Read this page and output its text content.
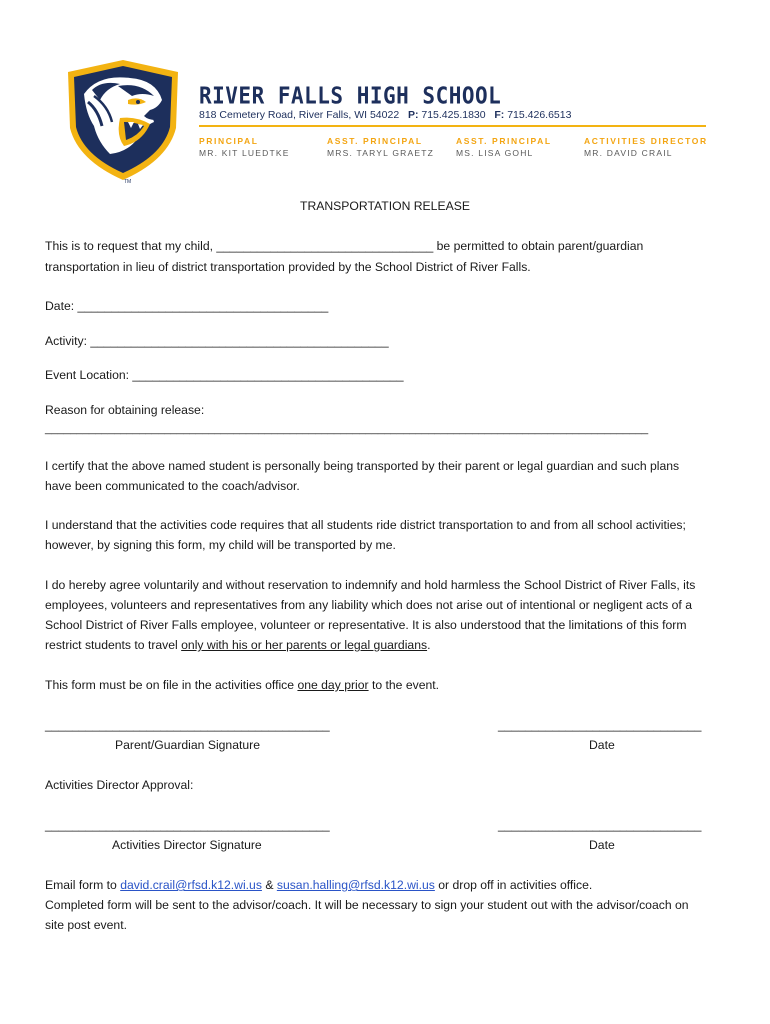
TM
RIVER FALLS HIGH SCHOOL
818 Cemetery Road, River Falls, WI 54022 P: 715.425.1830 F: 715.426.6513
PRINCIPAL
MR. KIT LUEDTKE
ASST. PRINCIPAL
MRS. TARYL GRAETZ
ASST. PRINCIPAL
MS. LISA GOHL
ACTIVITIES DIRECTOR
MR. DAVID CRAIL
TRANSPORTATION RELEASE
This is to request that my child, ________________________________ be permitted to obtain parent/guardian
transportation in lieu of district transportation provided by the School District of River Falls.
Date: _____________________________________
Activity: ____________________________________________
Event Location: ________________________________________
Reason for obtaining release:
________________________________________________________________________________________________
I certify that the above named student is personally being transported by their parent or legal guardian and such plans
have been communicated to the coach/advisor.
I understand that the activities code requires that all students ride district transportation to and from all school activities;
however, by signing this form, my child will be transported by me.
I do hereby agree voluntarily and without reservation to indemnify and hold harmless the School District of River Falls, its
employees, volunteers and representatives from any liability which does not arise out of intentional or negligent acts of a
School District of River Falls employee, volunteer or representative. It is also understood that the limitations of this form
restrict students to travel only with his or her parents or legal guardians.
This form must be on file in the activities office one day prior to the event.
__________________________________________	______________________________
Parent/Guardian Signature	Date
Activities Director Approval:
__________________________________________	______________________________
Activities Director Signature	Date
Email form to david.crail@rfsd.k12.wi.us & susan.halling@rfsd.k12.wi.us or drop off in activities office.
Completed form will be sent to the advisor/coach. It will be necessary to sign your student out with the advisor/coach on
site post event.
